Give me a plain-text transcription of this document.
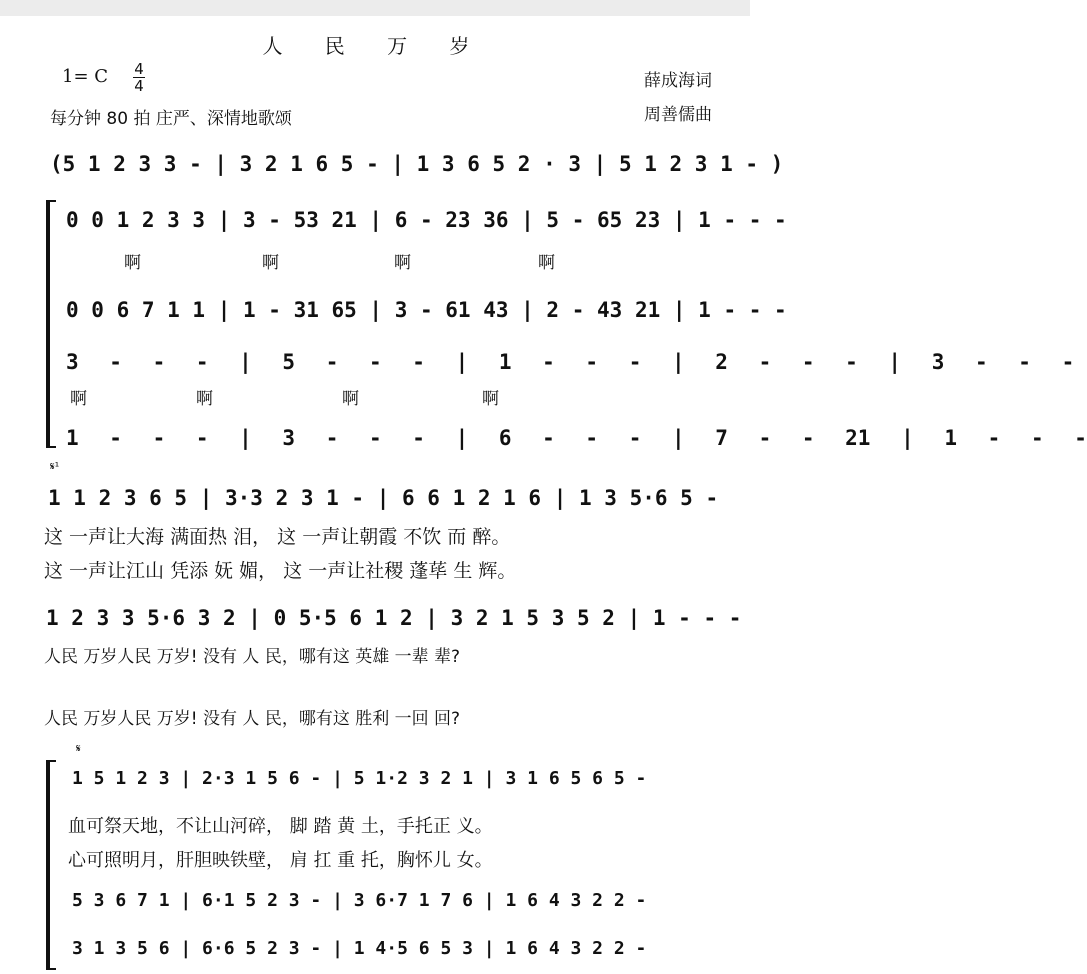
人 民 万 岁
1= C 4
4
每分钟 80 拍 庄严、深情地歌颂
薛成海词
周善儒曲
(5 1 2 3 3 - | 3 2 1 6 5 - | 1 3 6 5 2 · 3 | 5 1 2 3 1 - )
0 0 1 2 3 3 | 3 - 53 21 | 6 - 23 36 | 5 - 65 23 | 1 - - -
啊	啊	啊	啊
0 0 6 7 1 1 | 1 - 31 65 | 3 - 61 43 | 2 - 43 21 | 1 - - -
3 - - - | 5 - - - | 1 - - - | 2 - - - | 3 - - -
啊	啊	啊	啊
1 - - - | 3 - - - | 6 - - - | 7 - - 21 | 1 - - -
𝄋¹
1 1 2 3 6 5 | 3·3 2 3 1 - | 6 6 1 2 1 6 | 1 3 5·6 5 -
这 一声让大海 满面热 泪， 这 一声让朝霞 不饮 而 醉。
这 一声让江山 凭添 妩 媚， 这 一声让社稷 蓬荜 生 辉。
1 2 3 3 5·6 3 2 | 0 5·5 6 1 2 | 3 2 1 5 3 5 2 | 1 - - -
人民 万岁人民 万岁! 没有 人 民，哪有这 英雄 一辈 辈?
人民 万岁人民 万岁! 没有 人 民，哪有这 胜利 一回 回?
𝄋
1 5 1 2 3 | 2·3 1 5 6 - | 5 1·2 3 2 1 | 3 1 6 5 6 5 -
血可祭天地，不让山河碎， 脚 踏 黄 土，手托正 义。
心可照明月，肝胆映铁壁， 肩 扛 重 托，胸怀儿 女。
5 3 6 7 1 | 6·1 5 2 3 - | 3 6·7 1 7 6 | 1 6 4 3 2 2 -
3 1 3 5 6 | 6·6 5 2 3 - | 1 4·5 6 5 3 | 1 6 4 3 2 2 -
